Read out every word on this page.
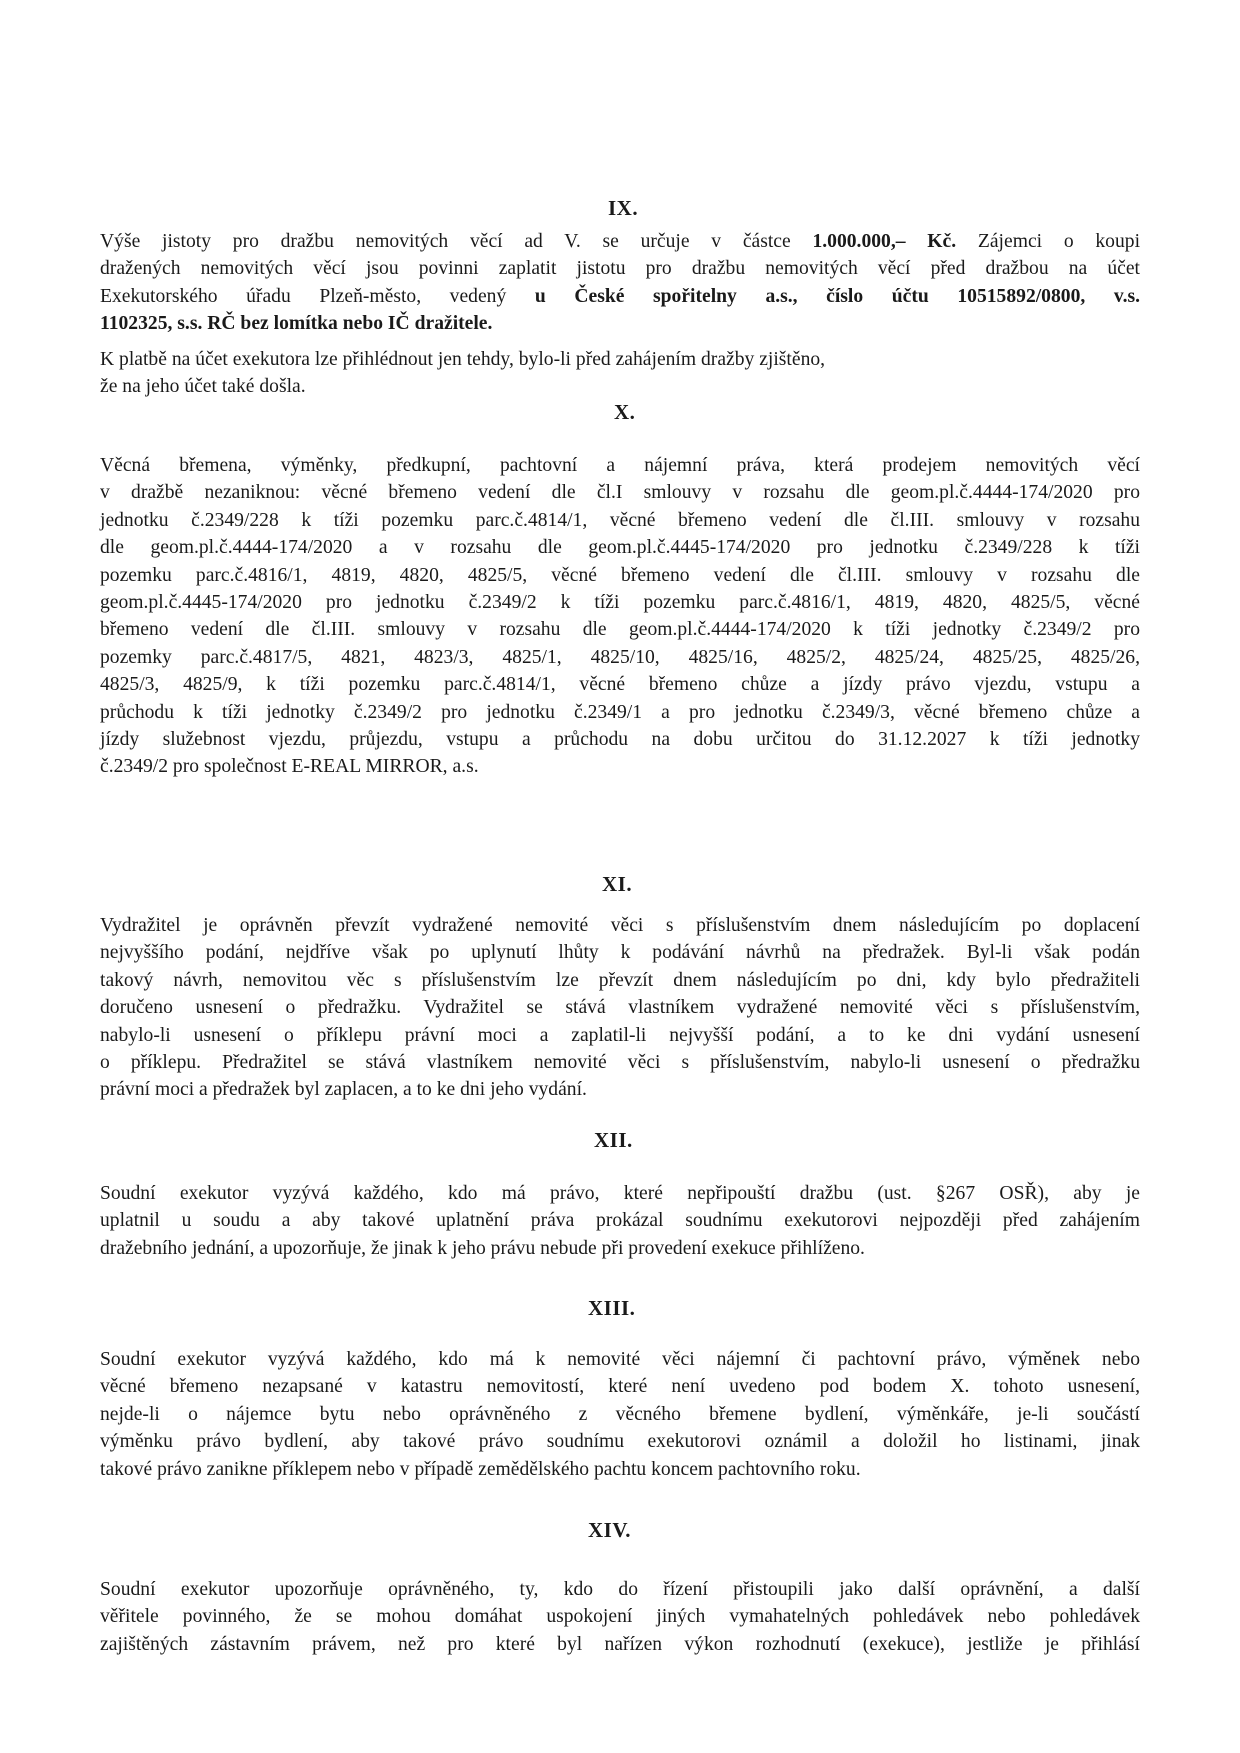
IX.
Výše jistoty pro dražbu nemovitých věcí ad V. se určuje v částce 1.000.000,– Kč. Zájemci o koupi
dražených nemovitých věcí jsou povinni zaplatit jistotu pro dražbu nemovitých věcí před dražbou na účet
Exekutorského úřadu Plzeň-město, vedený u České spořitelny a.s., číslo účtu 10515892/0800, v.s.
1102325, s.s. RČ bez lomítka nebo IČ dražitele.
K platbě na účet exekutora lze přihlédnout jen tehdy, bylo-li před zahájením dražby zjištěno,
že na jeho účet také došla.
X.
Věcná břemena, výměnky, předkupní, pachtovní a nájemní práva, která prodejem nemovitých věcí
v dražbě nezaniknou: věcné břemeno vedení dle čl.I smlouvy v rozsahu dle geom.pl.č.4444-174/2020 pro
jednotku č.2349/228 k tíži pozemku parc.č.4814/1, věcné břemeno vedení dle čl.III. smlouvy v rozsahu
dle geom.pl.č.4444-174/2020 a v rozsahu dle geom.pl.č.4445-174/2020 pro jednotku č.2349/228 k tíži
pozemku parc.č.4816/1, 4819, 4820, 4825/5, věcné břemeno vedení dle čl.III. smlouvy v rozsahu dle
geom.pl.č.4445-174/2020 pro jednotku č.2349/2 k tíži pozemku parc.č.4816/1, 4819, 4820, 4825/5, věcné
břemeno vedení dle čl.III. smlouvy v rozsahu dle geom.pl.č.4444-174/2020 k tíži jednotky č.2349/2 pro
pozemky parc.č.4817/5, 4821, 4823/3, 4825/1, 4825/10, 4825/16, 4825/2, 4825/24, 4825/25, 4825/26,
4825/3, 4825/9, k tíži pozemku parc.č.4814/1, věcné břemeno chůze a jízdy právo vjezdu, vstupu a
průchodu k tíži jednotky č.2349/2 pro jednotku č.2349/1 a pro jednotku č.2349/3, věcné břemeno chůze a
jízdy služebnost vjezdu, průjezdu, vstupu a průchodu na dobu určitou do 31.12.2027 k tíži jednotky
č.2349/2 pro společnost E-REAL MIRROR, a.s.
XI.
Vydražitel je oprávněn převzít vydražené nemovité věci s příslušenstvím dnem následujícím po doplacení
nejvyššího podání, nejdříve však po uplynutí lhůty k podávání návrhů na předražek. Byl-li však podán
takový návrh, nemovitou věc s příslušenstvím lze převzít dnem následujícím po dni, kdy bylo předražiteli
doručeno usnesení o předražku. Vydražitel se stává vlastníkem vydražené nemovité věci s příslušenstvím,
nabylo-li usnesení o příklepu právní moci a zaplatil-li nejvyšší podání, a to ke dni vydání usnesení
o příklepu. Předražitel se stává vlastníkem nemovité věci s příslušenstvím, nabylo-li usnesení o předražku
právní moci a předražek byl zaplacen, a to ke dni jeho vydání.
XII.
Soudní exekutor vyzývá každého, kdo má právo, které nepřipouští dražbu (ust. §267 OSŘ), aby je
uplatnil u soudu a aby takové uplatnění práva prokázal soudnímu exekutorovi nejpozději před zahájením
dražebního jednání, a upozorňuje, že jinak k jeho právu nebude při provedení exekuce přihlíženo.
XIII.
Soudní exekutor vyzývá každého, kdo má k nemovité věci nájemní či pachtovní právo, výměnek nebo
věcné břemeno nezapsané v katastru nemovitostí, které není uvedeno pod bodem X. tohoto usnesení,
nejde-li o nájemce bytu nebo oprávněného z věcného břemene bydlení, výměnkáře, je-li součástí
výměnku právo bydlení, aby takové právo soudnímu exekutorovi oznámil a doložil ho listinami, jinak
takové právo zanikne příklepem nebo v případě zemědělského pachtu koncem pachtovního roku.
XIV.
Soudní exekutor upozorňuje oprávněného, ty, kdo do řízení přistoupili jako další oprávnění, a další
věřitele povinného, že se mohou domáhat uspokojení jiných vymahatelných pohledávek nebo pohledávek
zajištěných zástavním právem, než pro které byl nařízen výkon rozhodnutí (exekuce), jestliže je přihlásí
